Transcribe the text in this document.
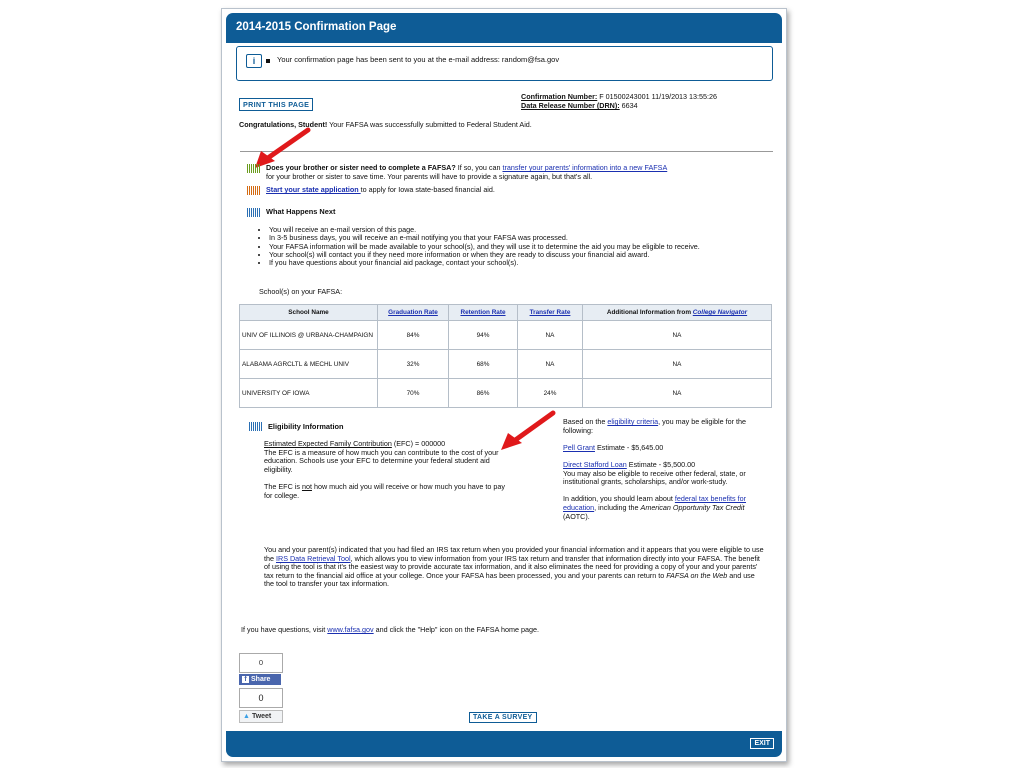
2014-2015 Confirmation Page
i	Your confirmation page has been sent to you at the e-mail address: random@fsa.gov
PRINT THIS PAGE
Confirmation Number: F 01500243001 11/19/2013 13:55:26
Data Release Number (DRN): 6634
Congratulations, Student! Your FAFSA was successfully submitted to Federal Student Aid.
Does your brother or sister need to complete a FAFSA? If so, you can transfer your parents' information into a new FAFSA
for your brother or sister to save time. Your parents will have to provide a signature again, but that's all.
Start your state application to apply for Iowa state-based financial aid.
What Happens Next
• You will receive an e-mail version of this page.
• In 3-5 business days, you will receive an e-mail notifying you that your FAFSA was processed.
• Your FAFSA information will be made available to your school(s), and they will use it to determine the aid you may be eligible to receive.
• Your school(s) will contact you if they need more information or when they are ready to discuss your financial aid award.
• If you have questions about your financial aid package, contact your school(s).
School(s) on your FAFSA:
School Name	Graduation Rate	Retention Rate	Transfer Rate	Additional Information from College Navigator
UNIV OF ILLINOIS @ URBANA-CHAMPAIGN	84%	94%	NA	NA
ALABAMA AGRCLTL & MECHL UNIV	32%	68%	NA	NA
UNIVERSITY OF IOWA	70%	86%	24%	NA
Eligibility Information
Estimated Expected Family Contribution (EFC) = 000000
The EFC is a measure of how much you can contribute to the cost of your education. Schools use your EFC to determine your federal student aid eligibility.

The EFC is not how much aid you will receive or how much you have to pay for college.
Based on the eligibility criteria, you may be eligible for the following:

Pell Grant Estimate - $5,645.00

Direct Stafford Loan Estimate - $5,500.00
You may also be eligible to receive other federal, state, or institutional grants, scholarships, and/or work-study.

In addition, you should learn about federal tax benefits for education, including the American Opportunity Tax Credit (AOTC).
You and your parent(s) indicated that you had filed an IRS tax return when you provided your financial information and it appears that you were eligible to use the IRS Data Retrieval Tool, which allows you to view information from your IRS tax return and transfer that information directly into your FAFSA. The benefit of using the tool is that it's the easiest way to provide accurate tax information, and it also eliminates the need for providing a copy of your and your parents' tax return to the financial aid office at your college. Once your FAFSA has been processed, you and your parents can return to FAFSA on the Web and use the tool to transfer your tax information.
If you have questions, visit www.fafsa.gov and click the "Help" icon on the FAFSA home page.
0
f Share
0
▲ Tweet	TAKE A SURVEY
EXIT
